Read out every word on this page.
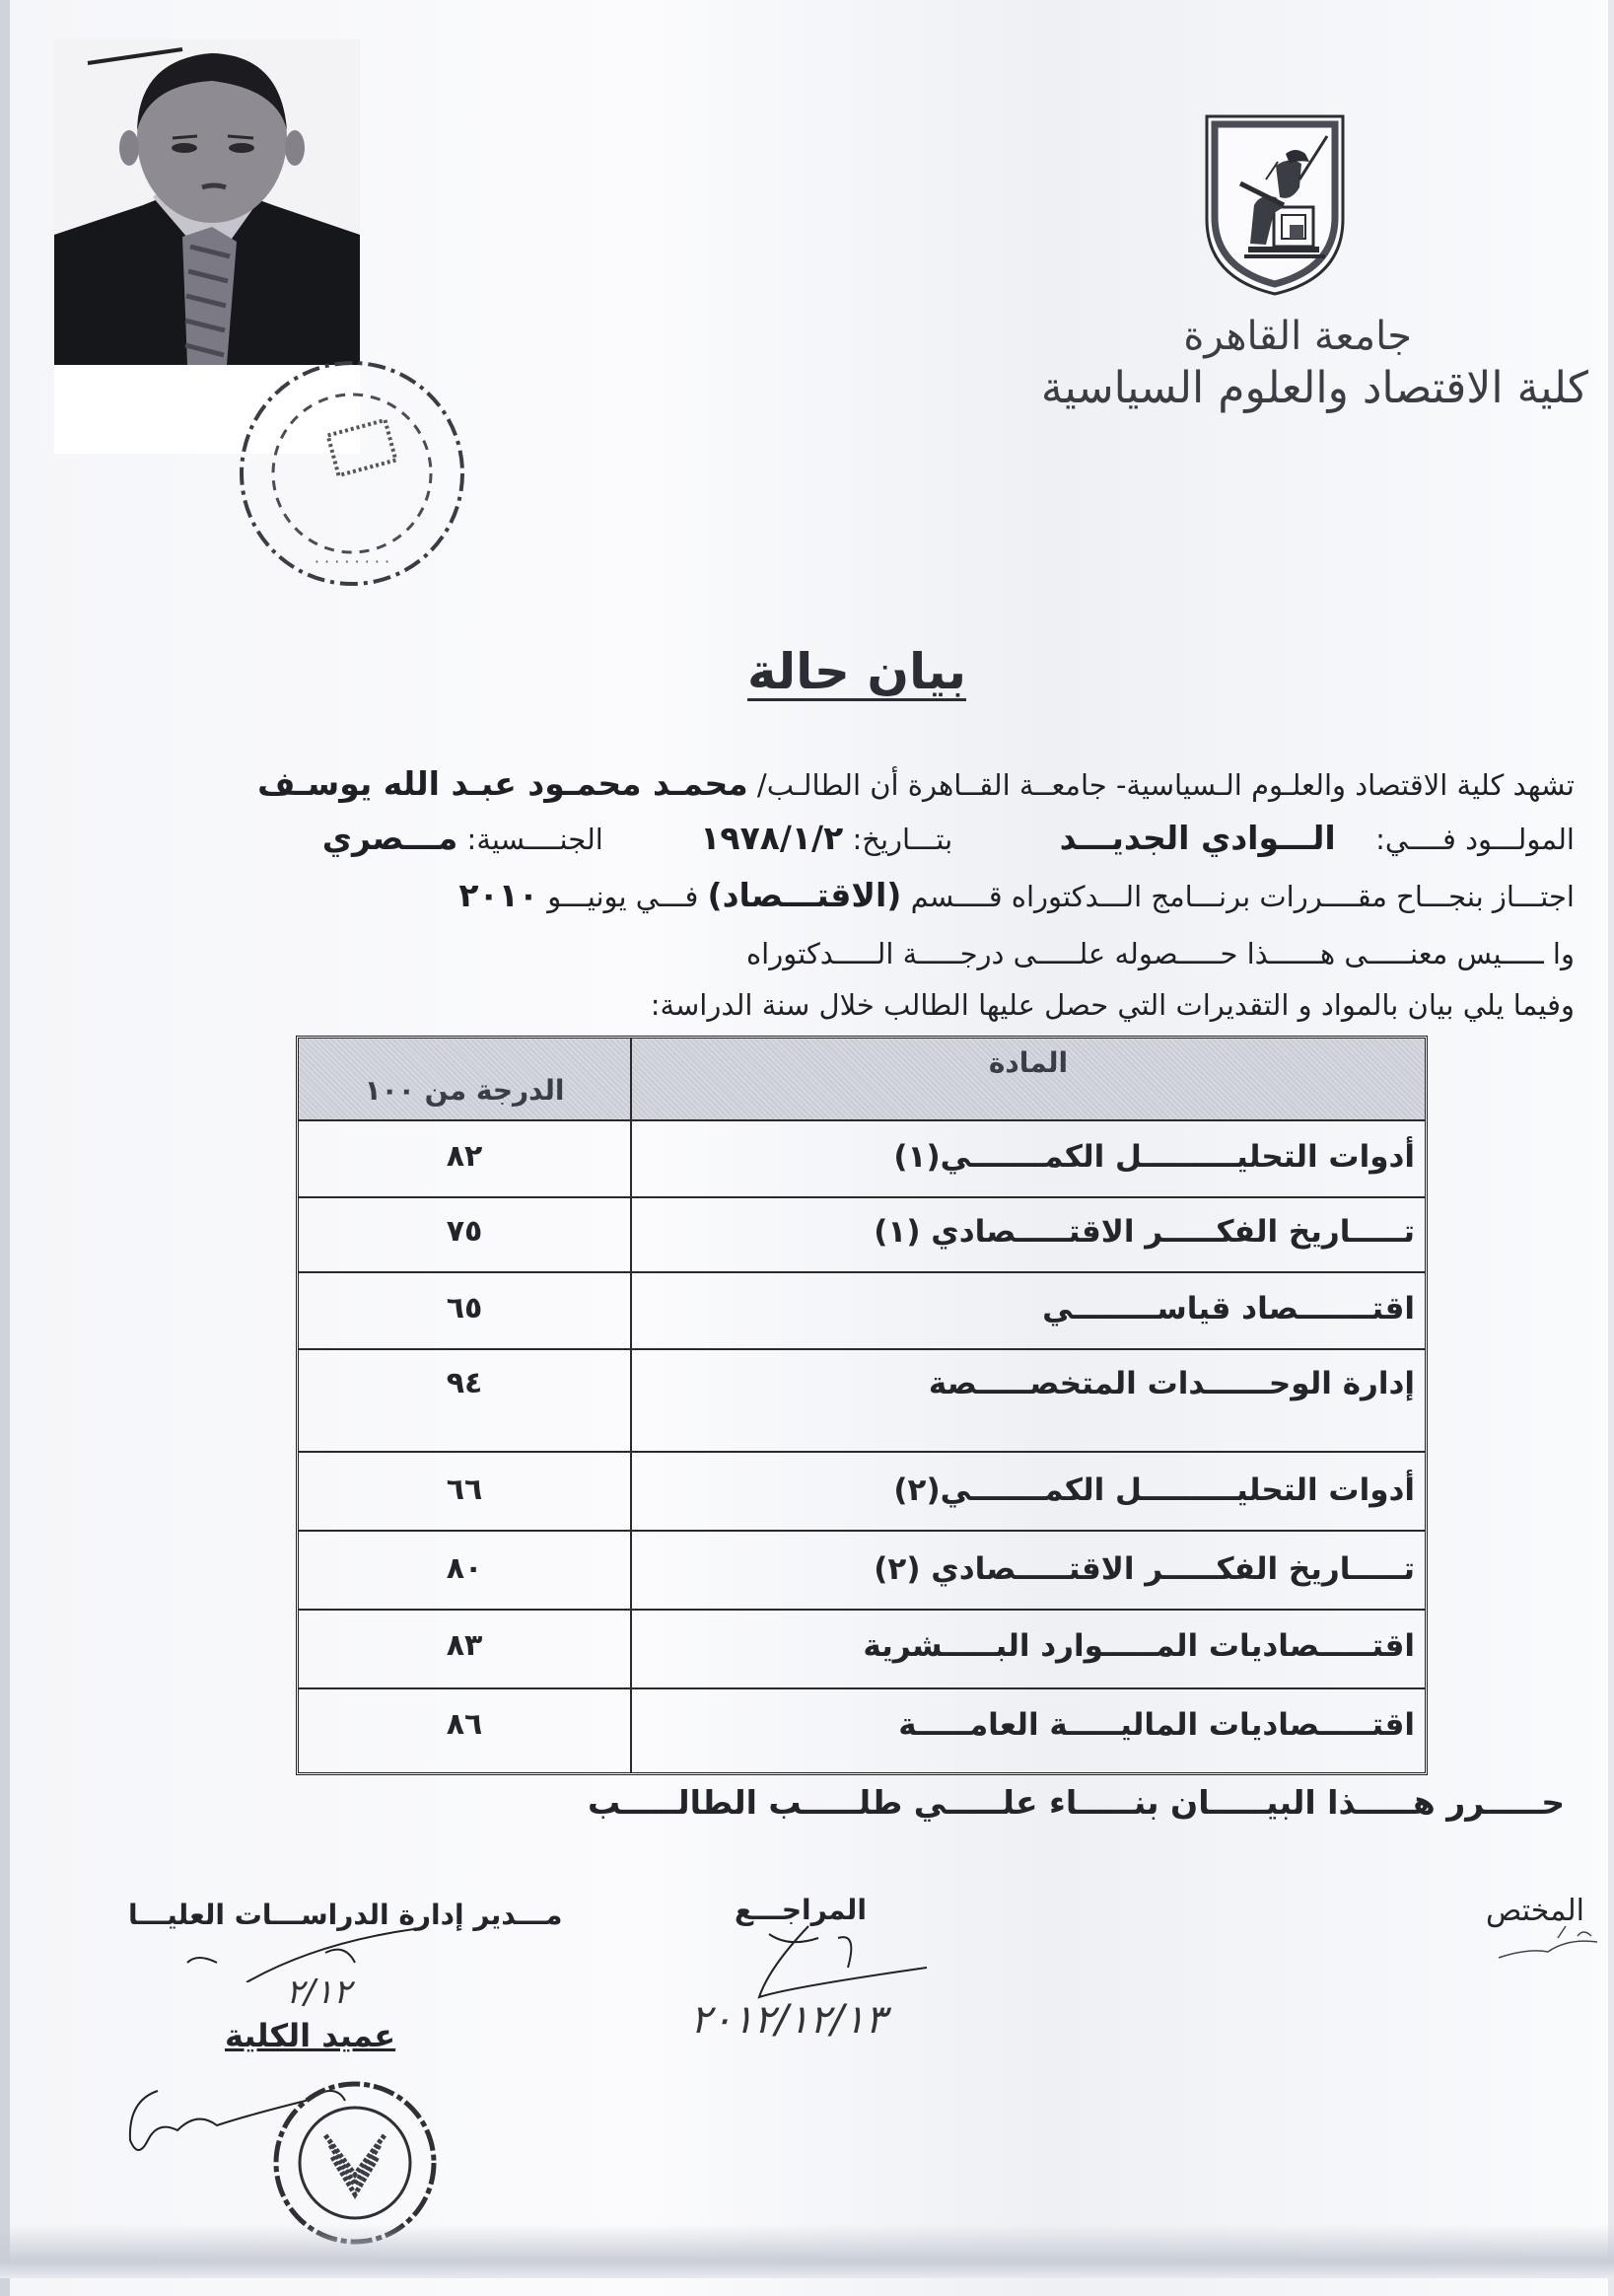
جامعة القاهرة
كلية الاقتصاد والعلوم السياسية
· · · · · · · ·
بيان حالة
تشهد كلية الاقتصاد والعلـوم الـسياسية- جامعــة القــاهرة أن الطالـب/ محمـد محمـود عبـد الله يوسـف
المولـــود فــــي:  الـــوادي الجديـــد  بتـــاريخ: ١٩٧٨/١/٢  الجنــــسية: مـــصري
اجتـــاز بنجـــاح مقــــررات برنـــامج الـــدكتوراه قــــسم (الاقتـــصاد) فـــي يونيـــو ٢٠١٠
وا ـــــيس معنـــــى هــــــذا حـــــصوله علـــــى درجـــــة الـــــدكتوراه
وفيما يلي بيان بالمواد و التقديرات التي حصل عليها الطالب خلال سنة الدراسة:
المادة
الدرجة من ١٠٠
أدوات التحليـــــــــل الكمـــــــي(١)
٨٢
تـــــاريخ الفكـــــر الاقتـــــصادي (١)
٧٥
اقتـــــــصاد قياســــــــي
٦٥
إدارة الوحــــــدات المتخصـــــصة
٩٤
أدوات التحليـــــــــل الكمـــــــي(٢)
٦٦
تـــــاريخ الفكـــــر الاقتـــــصادي (٢)
٨٠
اقتـــــصاديات المـــــوارد البـــــشرية
٨٣
اقتـــــصاديات الماليـــــة العامـــــة
٨٦
حـــــرر هـــــذا البيـــــان بنـــــاء علـــــي طلـــــب الطالـــــب
المختص
المراجـــع
مـــدير إدارة الدراســـات العليـــا
عميد الكلية	٢٠١٢/١٢/١٣
٢/١٢
